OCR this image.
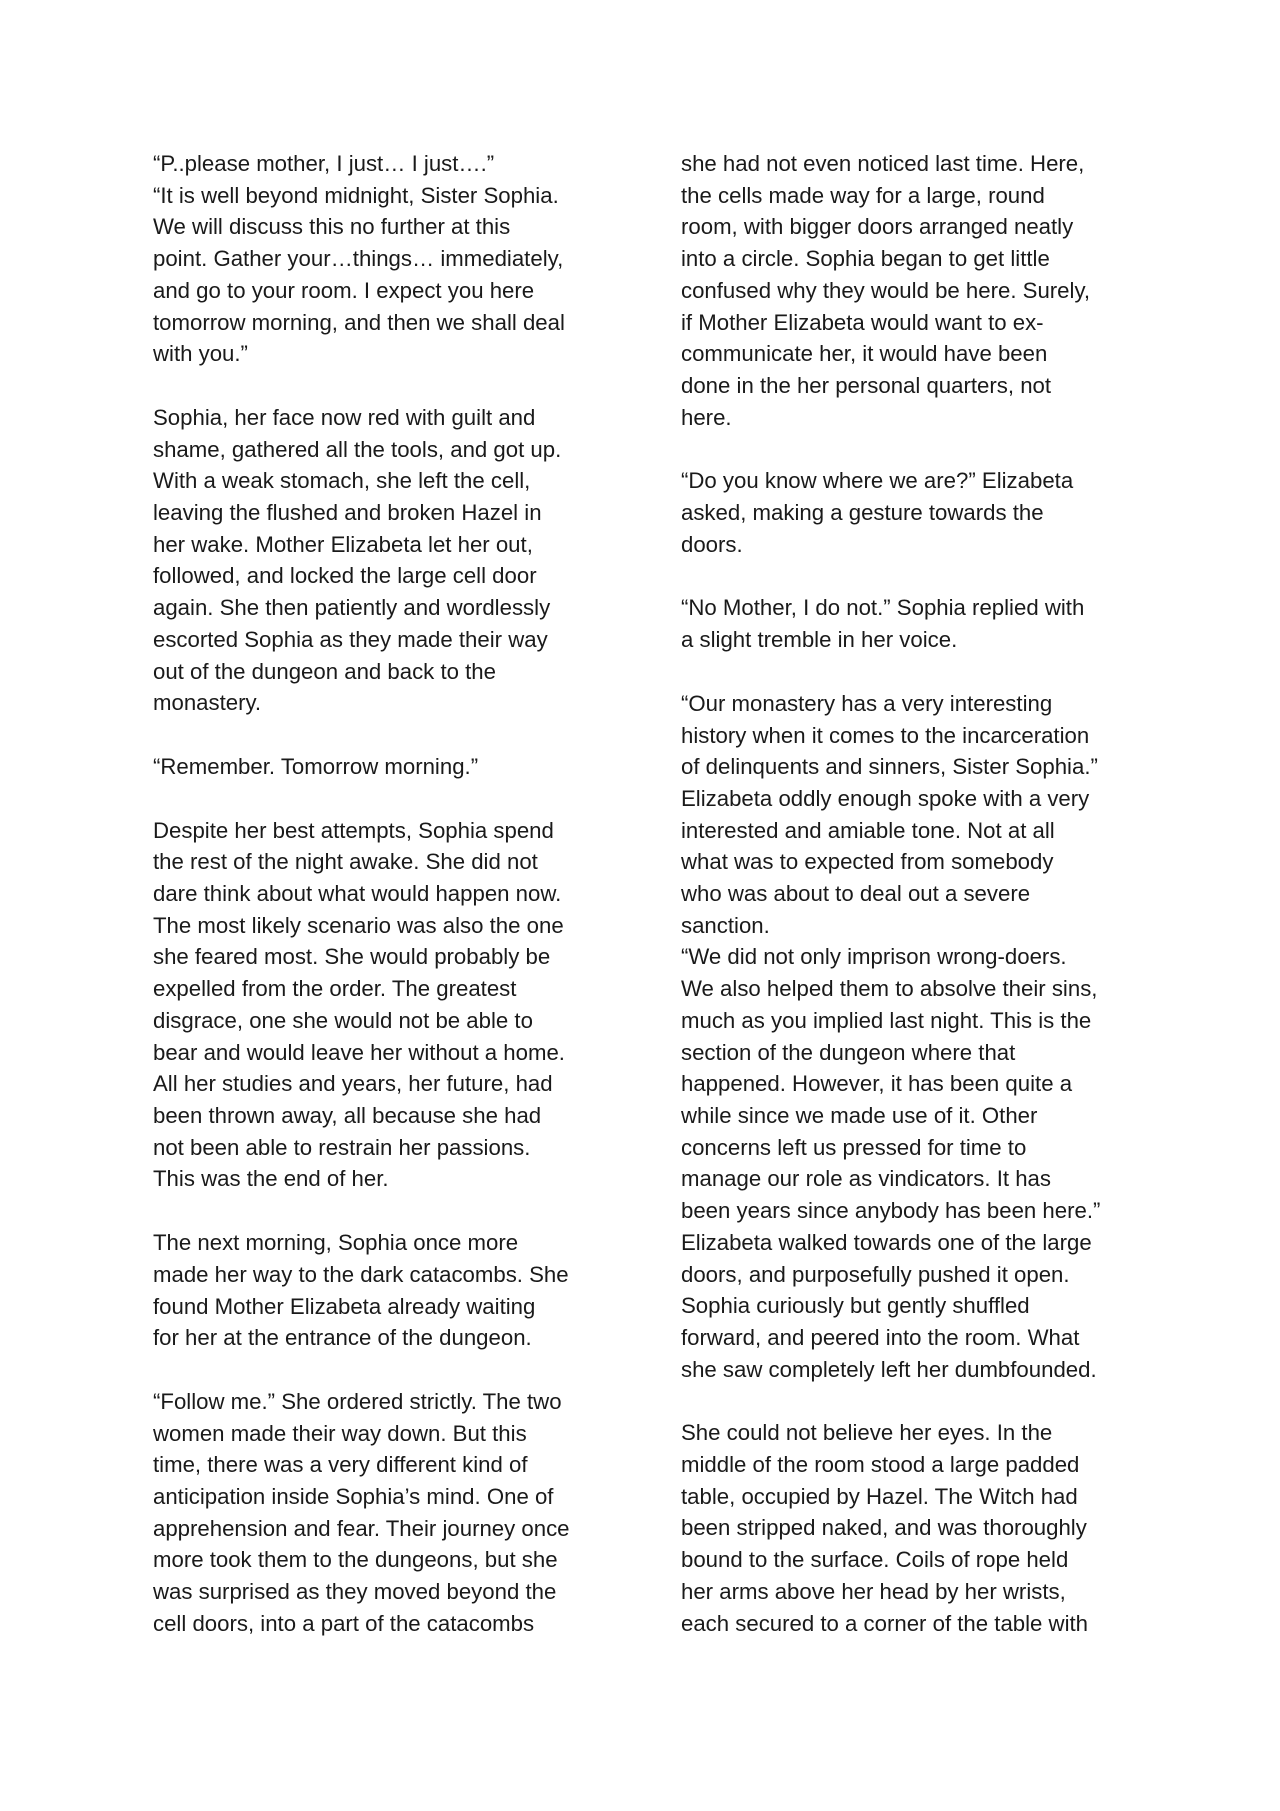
“P..please mother, I just… I just….”
“It is well beyond midnight, Sister Sophia.
We will discuss this no further at this
point. Gather your…things… immediately,
and go to your room. I expect you here
tomorrow morning, and then we shall deal
with you.”

Sophia, her face now red with guilt and
shame, gathered all the tools, and got up.
With a weak stomach, she left the cell,
leaving the flushed and broken Hazel in
her wake. Mother Elizabeta let her out,
followed, and locked the large cell door
again. She then patiently and wordlessly
escorted Sophia as they made their way
out of the dungeon and back to the
monastery.

“Remember. Tomorrow morning.”

Despite her best attempts, Sophia spend
the rest of the night awake. She did not
dare think about what would happen now.
The most likely scenario was also the one
she feared most. She would probably be
expelled from the order. The greatest
disgrace, one she would not be able to
bear and would leave her without a home.
All her studies and years, her future, had
been thrown away, all because she had
not been able to restrain her passions.
This was the end of her.

The next morning, Sophia once more
made her way to the dark catacombs. She
found Mother Elizabeta already waiting
for her at the entrance of the dungeon.

“Follow me.” She ordered strictly. The two
women made their way down. But this
time, there was a very different kind of
anticipation inside Sophia’s mind. One of
apprehension and fear. Their journey once
more took them to the dungeons, but she
was surprised as they moved beyond the
cell doors, into a part of the catacombs

she had not even noticed last time. Here,
the cells made way for a large, round
room, with bigger doors arranged neatly
into a circle. Sophia began to get little
confused why they would be here. Surely,
if Mother Elizabeta would want to ex-
communicate her, it would have been
done in the her personal quarters, not
here.

“Do you know where we are?” Elizabeta
asked, making a gesture towards the
doors.

“No Mother, I do not.” Sophia replied with
a slight tremble in her voice.

“Our monastery has a very interesting
history when it comes to the incarceration
of delinquents and sinners, Sister Sophia.”
Elizabeta oddly enough spoke with a very
interested and amiable tone. Not at all
what was to expected from somebody
who was about to deal out a severe
sanction.
“We did not only imprison wrong-doers.
We also helped them to absolve their sins,
much as you implied last night. This is the
section of the dungeon where that
happened. However, it has been quite a
while since we made use of it. Other
concerns left us pressed for time to
manage our role as vindicators. It has
been years since anybody has been here.”
Elizabeta walked towards one of the large
doors, and purposefully pushed it open.
Sophia curiously but gently shuffled
forward, and peered into the room. What
she saw completely left her dumbfounded.

She could not believe her eyes. In the
middle of the room stood a large padded
table, occupied by Hazel. The Witch had
been stripped naked, and was thoroughly
bound to the surface. Coils of rope held
her arms above her head by her wrists,
each secured to a corner of the table with
